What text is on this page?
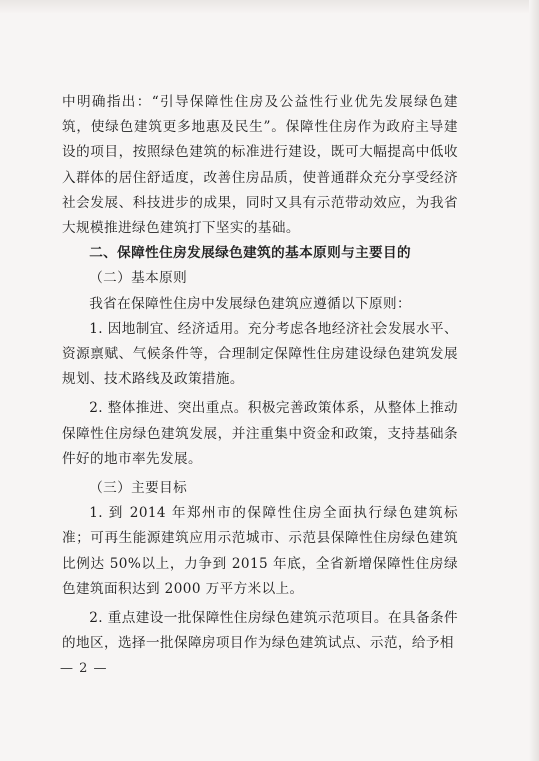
中明确指出：“引导保障性住房及公益性行业优先发展绿色建筑，使绿色建筑更多地惠及民生”。保障性住房作为政府主导建设的项目，按照绿色建筑的标准进行建设，既可大幅提高中低收入群体的居住舒适度，改善住房品质，使普通群众充分享受经济社会发展、科技进步的成果，同时又具有示范带动效应，为我省大规模推进绿色建筑打下坚实的基础。

二、保障性住房发展绿色建筑的基本原则与主要目的

（二）基本原则

我省在保障性住房中发展绿色建筑应遵循以下原则：

1. 因地制宜、经济适用。充分考虑各地经济社会发展水平、资源禀赋、气候条件等，合理制定保障性住房建设绿色建筑发展规划、技术路线及政策措施。

2. 整体推进、突出重点。积极完善政策体系，从整体上推动保障性住房绿色建筑发展，并注重集中资金和政策，支持基础条件好的地市率先发展。

（三）主要目标

1. 到 2014 年郑州市的保障性住房全面执行绿色建筑标准；可再生能源建筑应用示范城市、示范县保障性住房绿色建筑比例达 50%以上，力争到 2015 年底，全省新增保障性住房绿色建筑面积达到 2000 万平方米以上。

2. 重点建设一批保障性住房绿色建筑示范项目。在具备条件的地区，选择一批保障房项目作为绿色建筑试点、示范，给予相

— 2 —
